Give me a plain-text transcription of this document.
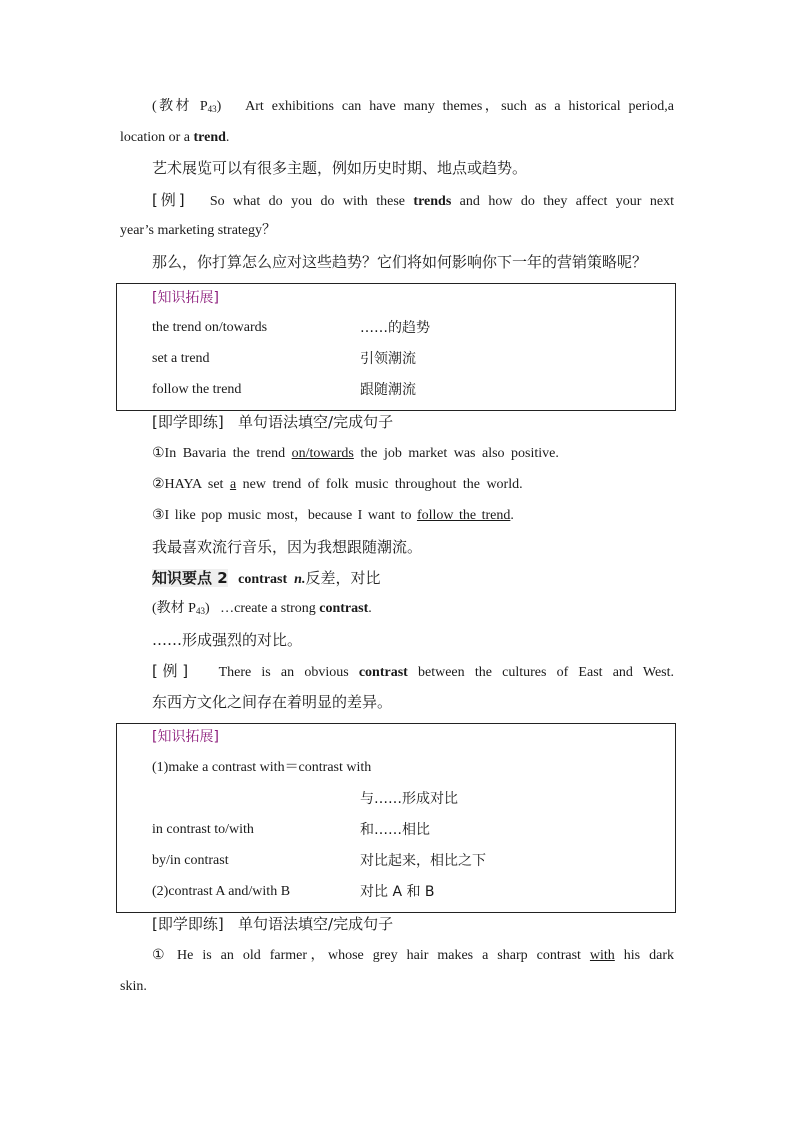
(教材 $P_{43}$) Art exhibitions can have many themes，such as a historical period,a
location or a trend.
艺术展览可以有很多主题，例如历史时期、地点或趋势。
[例] So what do you do with these trends and how do they affect your next
year’s marketing strategy？
那么，你打算怎么应对这些趋势？它们将如何影响你下一年的营销策略呢？
[知识拓展]
the trend on/towards	……的趋势
set a trend	引领潮流
follow the trend	跟随潮流
[即学即练] 单句语法填空/完成句子
①In Bavaria the trend on/towards the job market was also positive.
②HAYA set a new trend of folk music throughout the world.
③I like pop music most，because I want to follow the trend.
我最喜欢流行音乐，因为我想跟随潮流。
知识要点 2 contrast n.反差，对比
(教材 $P_{43}$) …create a strong contrast.
……形成强烈的对比。
[例] There is an obvious contrast between the cultures of East and West.
东西方文化之间存在着明显的差异。
[知识拓展]
(1)make a contrast with＝contrast with
与……形成对比
in contrast to/with	和……相比
by/in contrast	对比起来，相比之下
(2)contrast A and/with B	对比 A 和 B
[即学即练] 单句语法填空/完成句子
① He is an old farmer，whose grey hair makes a sharp contrast with his dark
skin.
